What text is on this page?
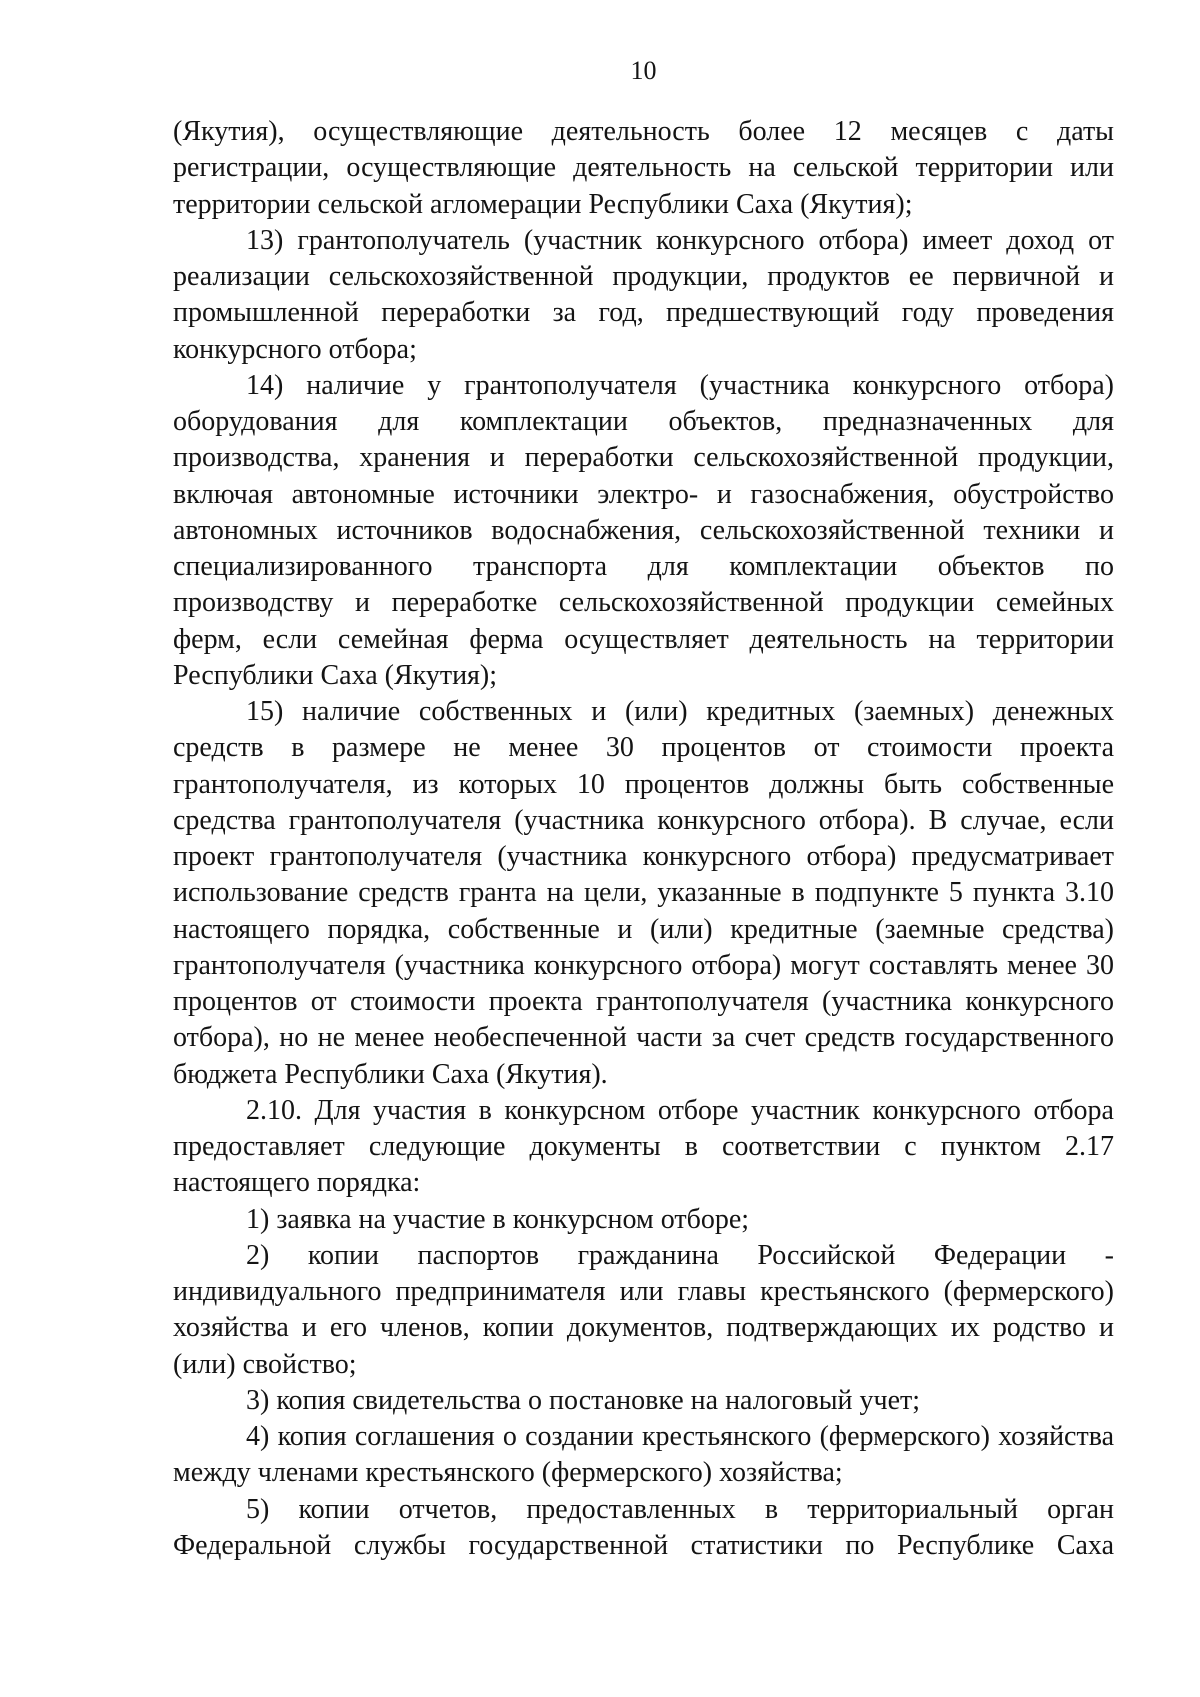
10
(Якутия), осуществляющие деятельность более 12 месяцев с даты
регистрации, осуществляющие деятельность на сельской территории или
территории сельской агломерации Республики Саха (Якутия);
13) грантополучатель (участник конкурсного отбора) имеет доход от
реализации сельскохозяйственной продукции, продуктов ее первичной и
промышленной переработки за год, предшествующий году проведения
конкурсного отбора;
14) наличие у грантополучателя (участника конкурсного отбора)
оборудования для комплектации объектов, предназначенных для
производства, хранения и переработки сельскохозяйственной продукции,
включая автономные источники электро- и газоснабжения, обустройство
автономных источников водоснабжения, сельскохозяйственной техники и
специализированного транспорта для комплектации объектов по
производству и переработке сельскохозяйственной продукции семейных
ферм, если семейная ферма осуществляет деятельность на территории
Республики Саха (Якутия);
15) наличие собственных и (или) кредитных (заемных) денежных
средств в размере не менее 30 процентов от стоимости проекта
грантополучателя, из которых 10 процентов должны быть собственные
средства грантополучателя (участника конкурсного отбора). В случае, если
проект грантополучателя (участника конкурсного отбора) предусматривает
использование средств гранта на цели, указанные в подпункте 5 пункта 3.10
настоящего порядка, собственные и (или) кредитные (заемные средства)
грантополучателя (участника конкурсного отбора) могут составлять менее 30
процентов от стоимости проекта грантополучателя (участника конкурсного
отбора), но не менее необеспеченной части за счет средств государственного
бюджета Республики Саха (Якутия).
2.10. Для участия в конкурсном отборе участник конкурсного отбора
предоставляет следующие документы в соответствии с пунктом 2.17
настоящего порядка:
1) заявка на участие в конкурсном отборе;
2) копии паспортов гражданина Российской Федерации -
индивидуального предпринимателя или главы крестьянского (фермерского)
хозяйства и его членов, копии документов, подтверждающих их родство и
(или) свойство;
3) копия свидетельства о постановке на налоговый учет;
4) копия соглашения о создании крестьянского (фермерского) хозяйства
между членами крестьянского (фермерского) хозяйства;
5) копии отчетов, предоставленных в территориальный орган
Федеральной службы государственной статистики по Республике Саха
